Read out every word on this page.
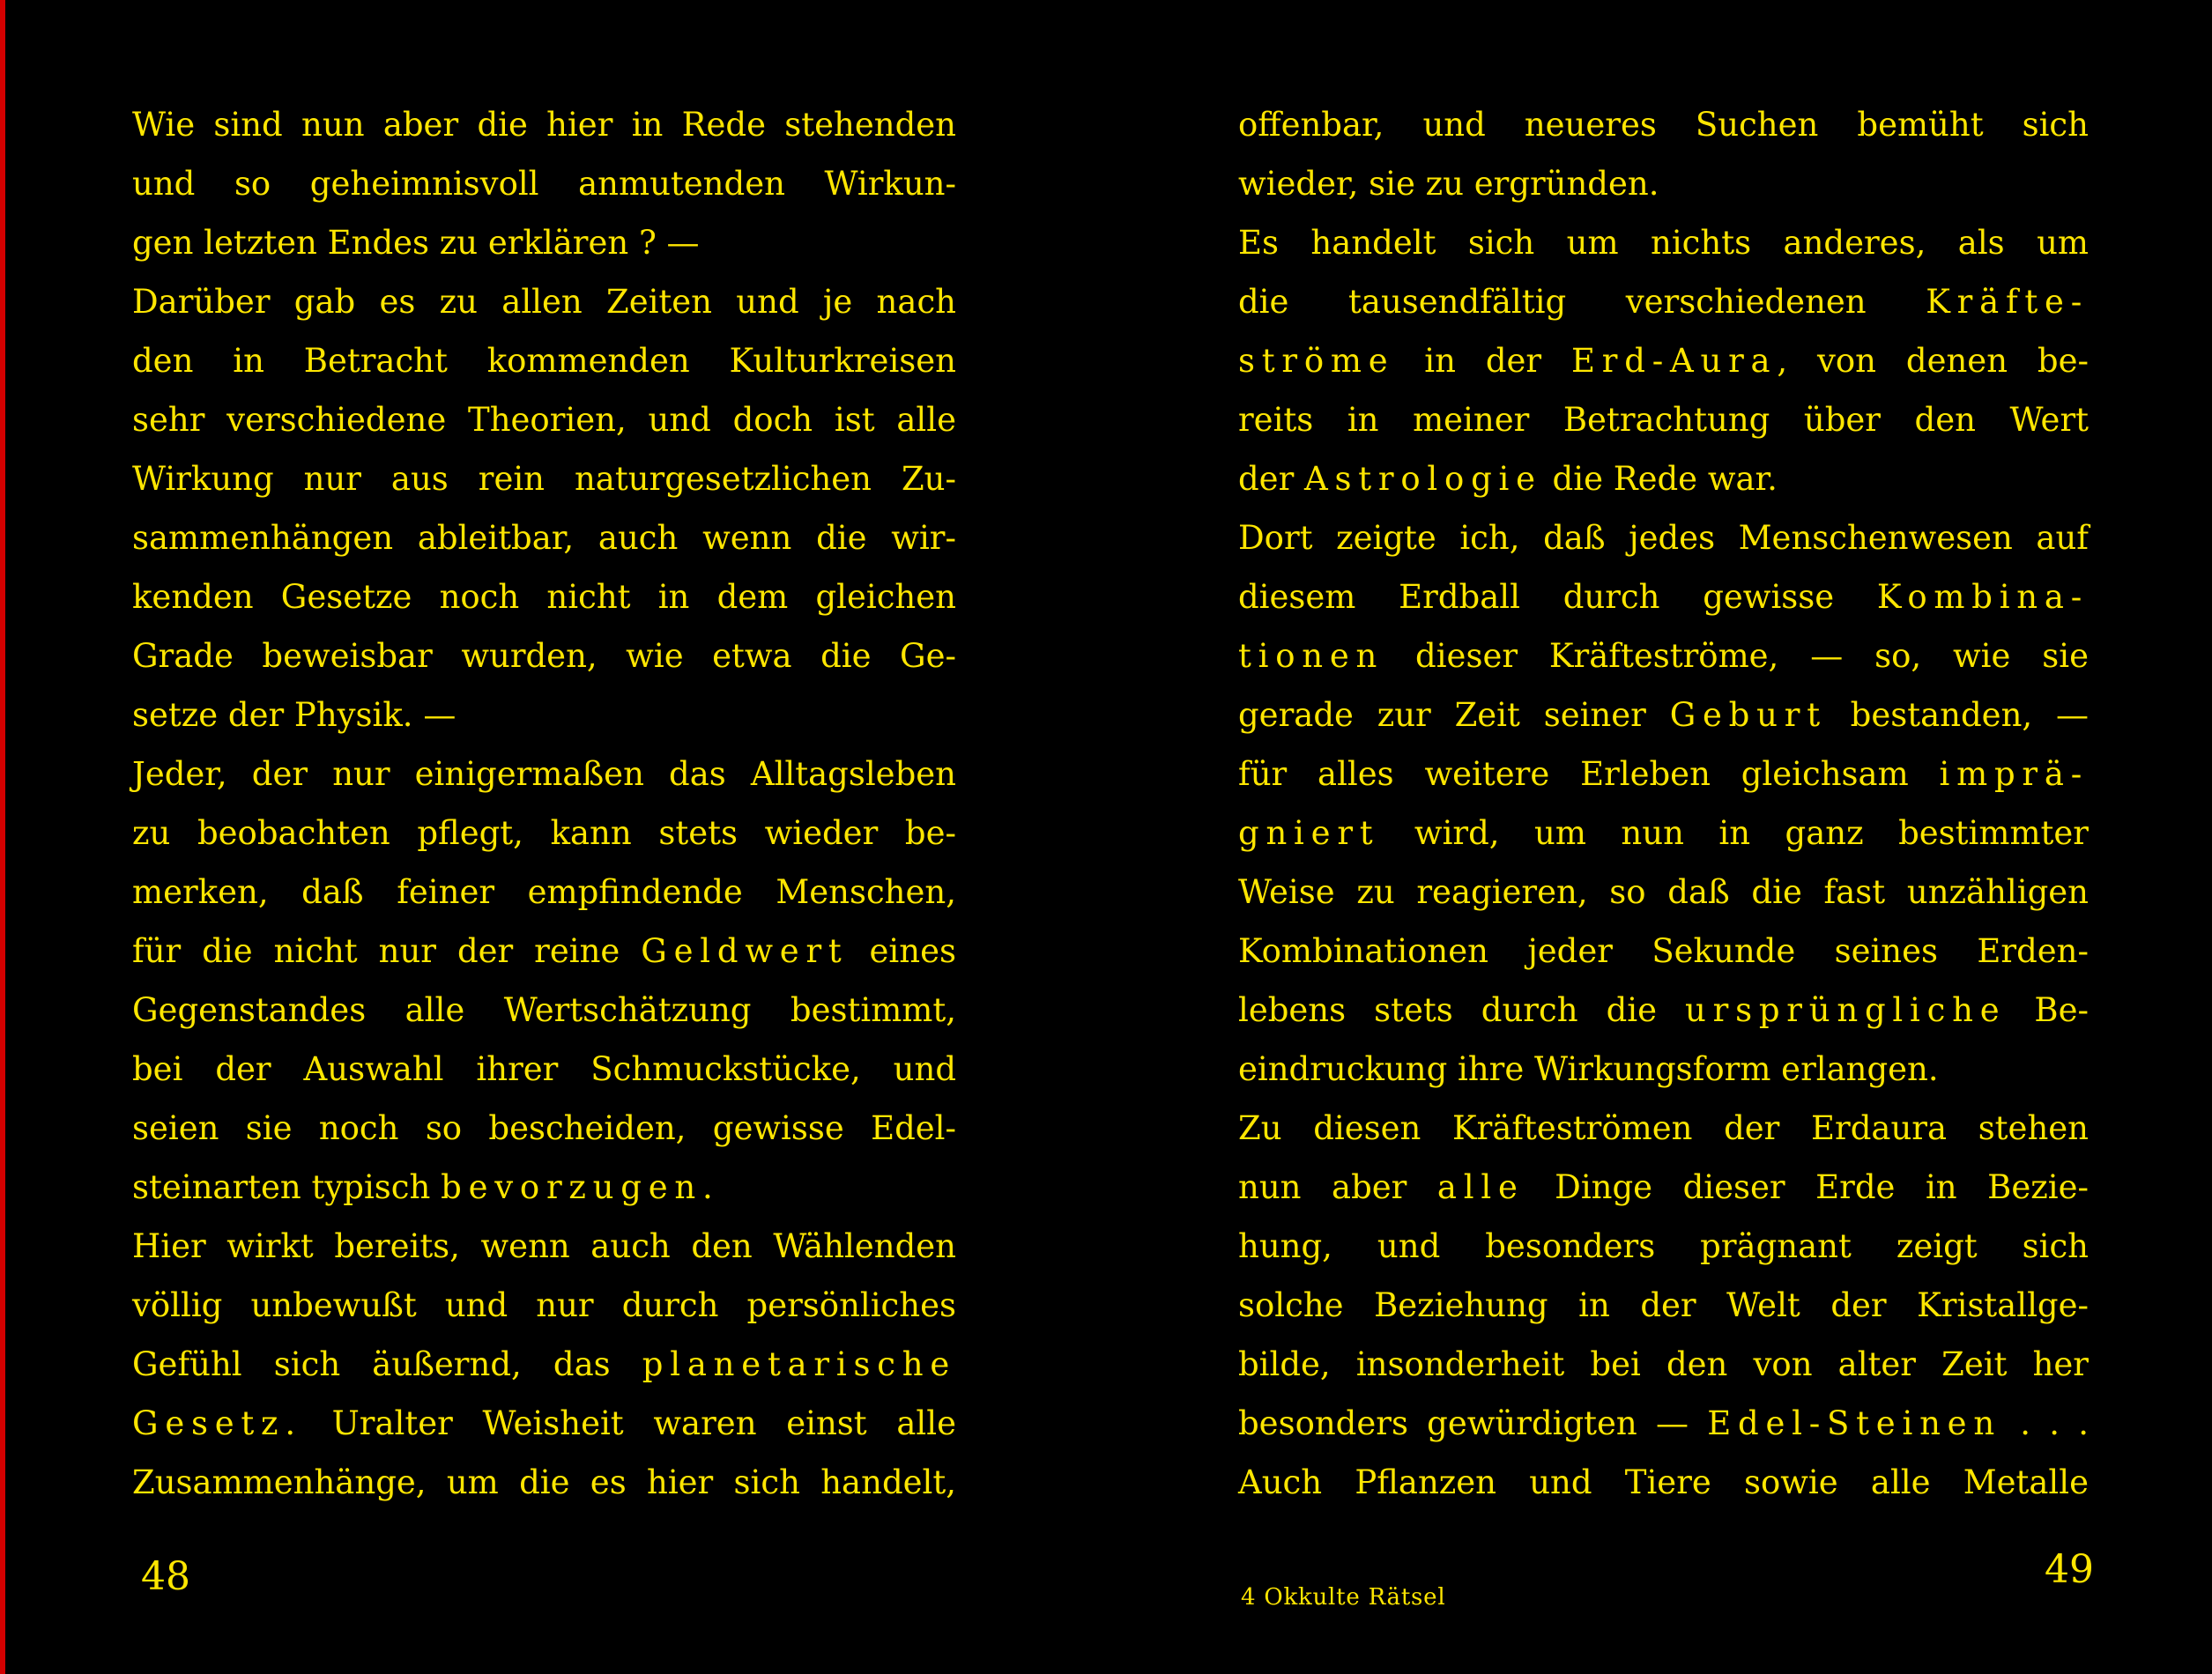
Wie sind nun aber die hier in Rede stehenden
und so geheimnisvoll anmutenden Wirkun-
gen letzten Endes zu erklären ? —
Darüber gab es zu allen Zeiten und je nach
den in Betracht kommenden Kulturkreisen
sehr verschiedene Theorien, und doch ist alle
Wirkung nur aus rein naturgesetzlichen Zu-
sammenhängen ableitbar, auch wenn die wir-
kenden Gesetze noch nicht in dem gleichen
Grade beweisbar wurden, wie etwa die Ge-
setze der Physik. —
Jeder, der nur einigermaßen das Alltagsleben
zu beobachten pflegt, kann stets wieder be-
merken, daß feiner empfindende Menschen,
für die nicht nur der reine Geldwert eines
Gegenstandes alle Wertschätzung bestimmt,
bei der Auswahl ihrer Schmuckstücke, und
seien sie noch so bescheiden, gewisse Edel-
steinarten typisch bevorzugen.
Hier wirkt bereits, wenn auch den Wählenden
völlig unbewußt und nur durch persönliches
Gefühl sich äußernd, das planetarische
Gesetz. Uralter Weisheit waren einst alle
Zusammenhänge, um die es hier sich handelt,
offenbar, und neueres Suchen bemüht sich
wieder, sie zu ergründen.
Es handelt sich um nichts anderes, als um
die tausendfältig verschiedenen Kräfte-
ströme in der Erd-Aura, von denen be-
reits in meiner Betrachtung über den Wert
der Astrologie die Rede war.
Dort zeigte ich, daß jedes Menschenwesen auf
diesem Erdball durch gewisse Kombina-
tionen dieser Kräfteströme, — so, wie sie
gerade zur Zeit seiner Geburt bestanden, —
für alles weitere Erleben gleichsam imprä-
gniert wird, um nun in ganz bestimmter
Weise zu reagieren, so daß die fast unzähligen
Kombinationen jeder Sekunde seines Erden-
lebens stets durch die ursprüngliche Be-
eindruckung ihre Wirkungsform erlangen.
Zu diesen Kräfteströmen der Erdaura stehen
nun aber alle Dinge dieser Erde in Bezie-
hung, und besonders prägnant zeigt sich
solche Beziehung in der Welt der Kristallge-
bilde, insonderheit bei den von alter Zeit her
besonders gewürdigten — Edel-Steinen . . .
Auch Pflanzen und Tiere sowie alle Metalle
48	4 Okkulte Rätsel
49
